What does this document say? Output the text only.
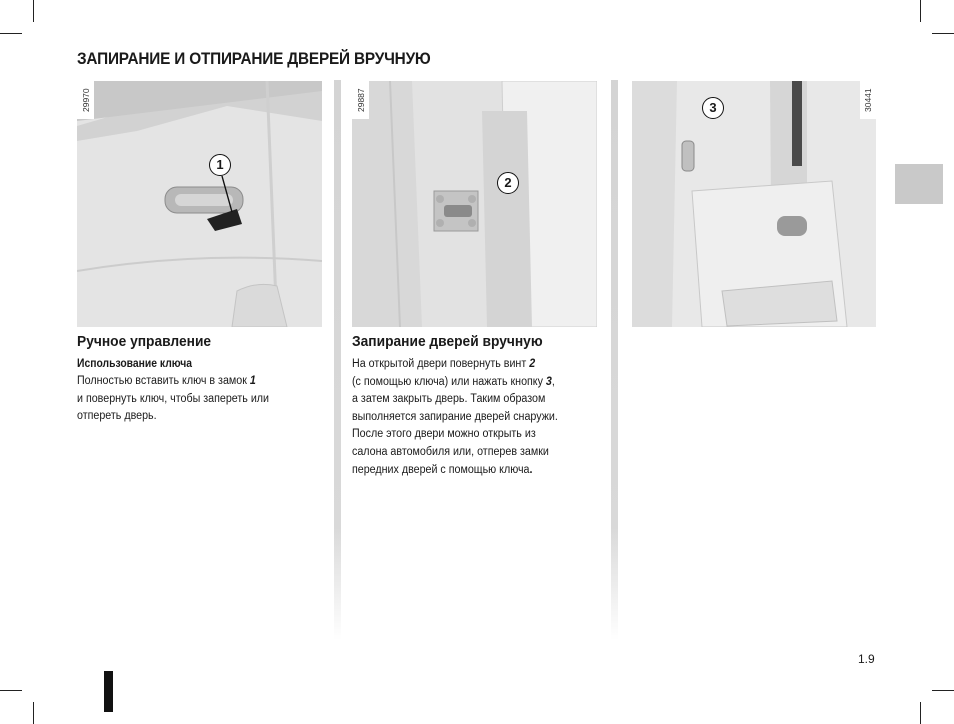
ЗАПИРАНИЕ И ОТПИРАНИЕ ДВЕРЕЙ ВРУЧНУЮ
29970
1
29887
2
30441
3
Ручное управление
Использование ключа
Полностью вставить ключ в замок 1
и повернуть ключ, чтобы запереть или
отпереть дверь.
Запирание дверей вручную
На открытой двери повернуть винт 2
(с помощью ключа) или нажать кнопку 3,
а затем закрыть дверь. Таким образом
выполняется запирание дверей снаружи.
После этого двери можно открыть из
салона автомобиля или, отперев замки
передних дверей с помощью ключа.
1.9
